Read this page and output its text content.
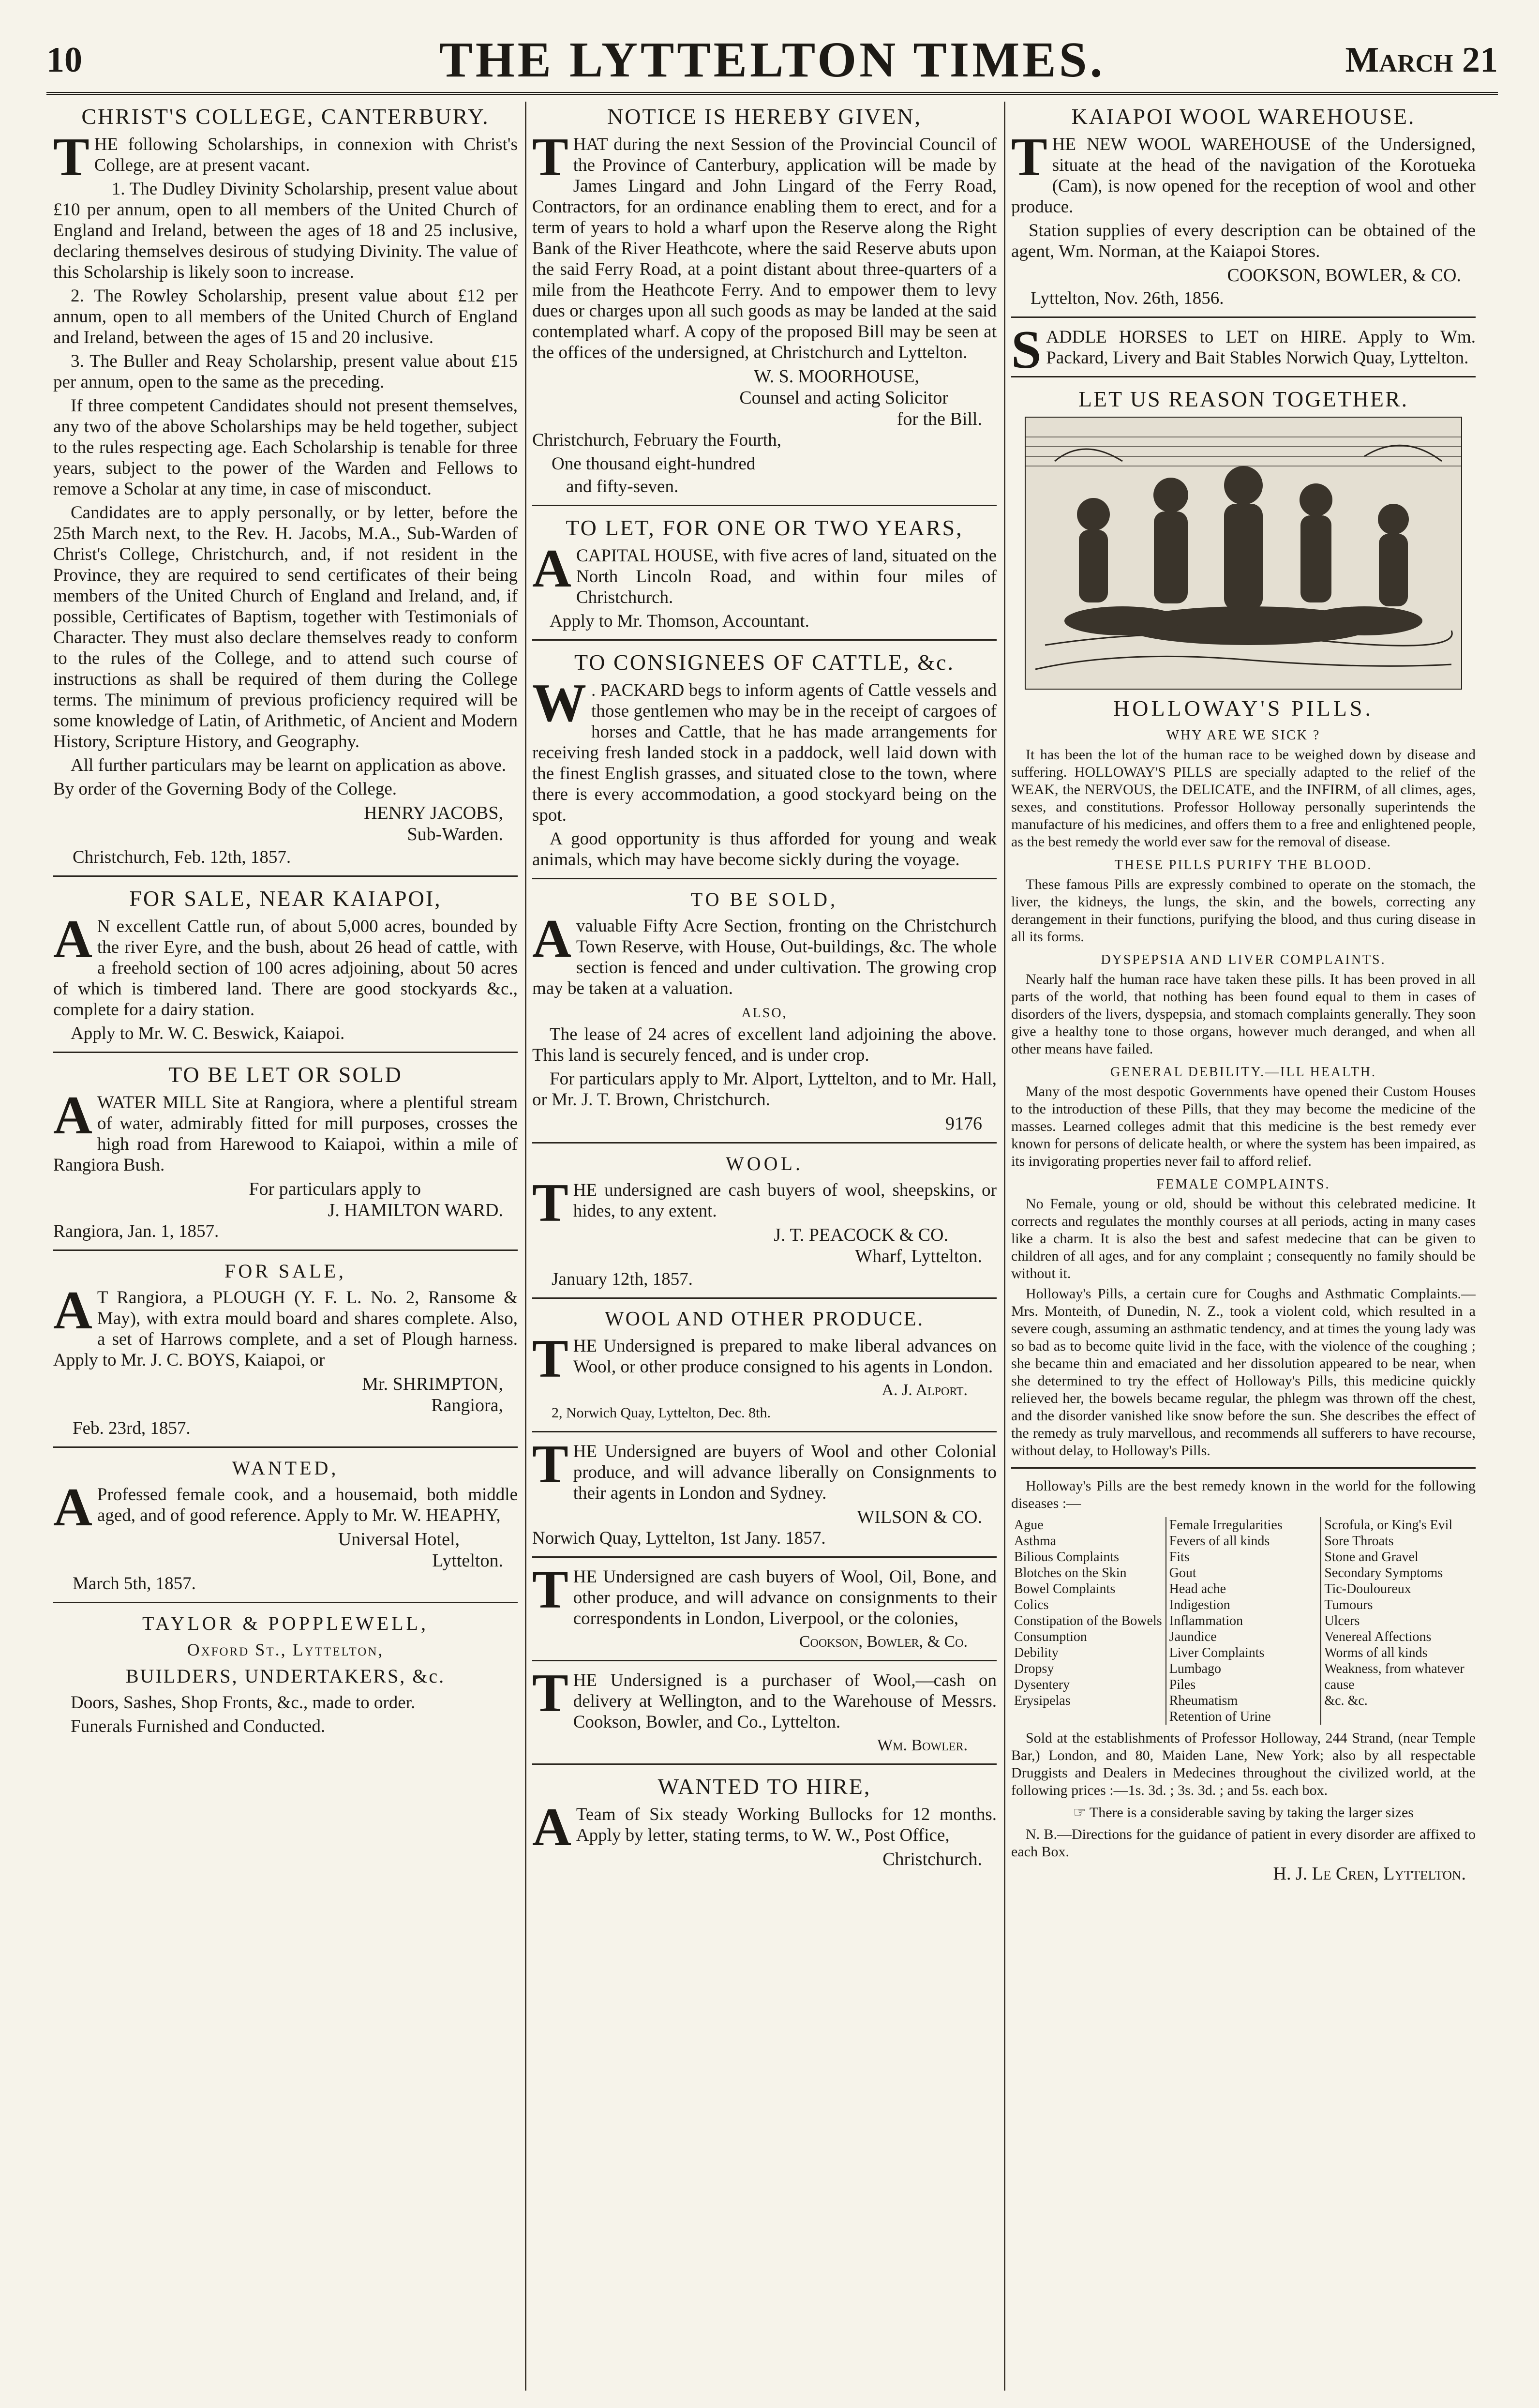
10	THE LYTTELTON TIMES.	March 21
CHRIST'S COLLEGE, CANTERBURY.
THE following Scholarships, in connexion with Christ's College, are at present vacant.
1. The Dudley Divinity Scholarship, present value about £10 per annum, open to all members of the United Church of England and Ireland, between the ages of 18 and 25 inclusive, declaring themselves desirous of studying Divinity. The value of this Scholarship is likely soon to increase.
2. The Rowley Scholarship, present value about £12 per annum, open to all members of the United Church of England and Ireland, between the ages of 15 and 20 inclusive.
3. The Buller and Reay Scholarship, present value about £15 per annum, open to the same as the preceding.
If three competent Candidates should not present themselves, any two of the above Scholarships may be held together, subject to the rules respecting age. Each Scholarship is tenable for three years, subject to the power of the Warden and Fellows to remove a Scholar at any time, in case of misconduct.
Candidates are to apply personally, or by letter, before the 25th March next, to the Rev. H. Jacobs, M.A., Sub-Warden of Christ's College, Christchurch, and, if not resident in the Province, they are required to send certificates of their being members of the United Church of England and Ireland, and, if possible, Certificates of Baptism, together with Testimonials of Character. They must also declare themselves ready to conform to the rules of the College, and to attend such course of instructions as shall be required of them during the College terms. The minimum of previous proficiency required will be some knowledge of Latin, of Arithmetic, of Ancient and Modern History, Scripture History, and Geography.
All further particulars may be learnt on application as above.
By order of the Governing Body of the College.
HENRY JACOBS,
Sub-Warden.
Christchurch, Feb. 12th, 1857.
FOR SALE, NEAR KAIAPOI,
A N excellent Cattle run, of about 5,000 acres, bounded by the river Eyre, and the bush, about 26 head of cattle, with a freehold section of 100 acres adjoining, about 50 acres of which is timbered land. There are good stockyards &c., complete for a dairy station.
Apply to Mr. W. C. Beswick, Kaiapoi.
TO BE LET OR SOLD
AWATER MILL Site at Rangiora, where a plentiful stream of water, admirably fitted for mill purposes, crosses the high road from Harewood to Kaiapoi, within a mile of Rangiora Bush.
For particulars apply to
J. HAMILTON WARD.
Rangiora, Jan. 1, 1857.
FOR SALE,
A T Rangiora, a PLOUGH (Y. F. L. No. 2, Ransome & May), with extra mould board and shares complete. Also, a set of Harrows complete, and a set of Plough harness. Apply to Mr. J. C. BOYS, Kaiapoi, or
Mr. SHRIMPTON,
Rangiora,
Feb. 23rd, 1857.
WANTED,
A Professed female cook, and a housemaid, both middle aged, and of good reference. Apply to Mr. W. HEAPHY,
Universal Hotel,
Lyttelton.
March 5th, 1857.
TAYLOR & POPPLEWELL,
Oxford St., Lyttelton,
BUILDERS, UNDERTAKERS, &c.
Doors, Sashes, Shop Fronts, &c., made to order.
Funerals Furnished and Conducted.
NOTICE IS HEREBY GIVEN,
THAT during the next Session of the Provincial Council of the Province of Canterbury, application will be made by James Lingard and John Lingard of the Ferry Road, Contractors, for an ordinance enabling them to erect, and for a term of years to hold a wharf upon the Reserve along the Right Bank of the River Heathcote, where the said Reserve abuts upon the said Ferry Road, at a point distant about three-quarters of a mile from the Heathcote Ferry. And to empower them to levy dues or charges upon all such goods as may be landed at the said contemplated wharf. A copy of the proposed Bill may be seen at the offices of the undersigned, at Christchurch and Lyttelton.
W. S. MOORHOUSE,
Counsel and acting Solicitor
for the Bill.
Christchurch, February the Fourth,
One thousand eight-hundred
and fifty-seven.
TO LET, FOR ONE OR TWO YEARS,
ACAPITAL HOUSE, with five acres of land, situated on the North Lincoln Road, and within four miles of Christchurch.
Apply to Mr. Thomson, Accountant.
TO CONSIGNEES OF CATTLE, &c.
W . PACKARD begs to inform agents of Cattle vessels and those gentlemen who may be in the receipt of cargoes of horses and Cattle, that he has made arrangements for receiving fresh landed stock in a paddock, well laid down with the finest English grasses, and situated close to the town, where there is every accommodation, a good stockyard being on the spot.
A good opportunity is thus afforded for young and weak animals, which may have become sickly during the voyage.
TO BE SOLD,
Avaluable Fifty Acre Section, fronting on the Christchurch Town Reserve, with House, Out-buildings, &c. The whole section is fenced and under cultivation. The growing crop may be taken at a valuation.
ALSO,
The lease of 24 acres of excellent land adjoining the above. This land is securely fenced, and is under crop.
For particulars apply to Mr. Alport, Lyttelton, and to Mr. Hall, or Mr. J. T. Brown, Christchurch.
9176
WOOL.
THE undersigned are cash buyers of wool, sheepskins, or hides, to any extent.
J. T. PEACOCK & CO.
Wharf, Lyttelton.
January 12th, 1857.
WOOL AND OTHER PRODUCE.
THE Undersigned is prepared to make liberal advances on Wool, or other produce consigned to his agents in London.
A. J. Alport.
2, Norwich Quay, Lyttelton, Dec. 8th.
THE Undersigned are buyers of Wool and other Colonial produce, and will advance liberally on Consignments to their agents in London and Sydney.
WILSON & CO.
Norwich Quay, Lyttelton, 1st Jany. 1857.
THE Undersigned are cash buyers of Wool, Oil, Bone, and other produce, and will advance on consignments to their correspondents in London, Liverpool, or the colonies,
Cookson, Bowler, & Co.
THE Undersigned is a purchaser of Wool,—cash on delivery at Wellington, and to the Warehouse of Messrs. Cookson, Bowler, and Co., Lyttelton.
Wm. Bowler.
WANTED TO HIRE,
A Team of Six steady Working Bullocks for 12 months. Apply by letter, stating terms, to W. W., Post Office,
Christchurch.
KAIAPOI WOOL WAREHOUSE.
THE NEW WOOL WAREHOUSE of the Undersigned, situate at the head of the navigation of the Korotueka (Cam), is now opened for the reception of wool and other produce.
Station supplies of every description can be obtained of the agent, Wm. Norman, at the Kaiapoi Stores.
COOKSON, BOWLER, & CO.
Lyttelton, Nov. 26th, 1856.
SADDLE HORSES to LET on HIRE. Apply to Wm. Packard, Livery and Bait Stables Norwich Quay, Lyttelton.
LET US REASON TOGETHER.
HOLLOWAY'S PILLS.
WHY ARE WE SICK ?
It has been the lot of the human race to be weighed down by disease and suffering. HOLLOWAY'S PILLS are specially adapted to the relief of the WEAK, the NERVOUS, the DELICATE, and the INFIRM, of all climes, ages, sexes, and constitutions. Professor Holloway personally superintends the manufacture of his medicines, and offers them to a free and enlightened people, as the best remedy the world ever saw for the removal of disease.
THESE PILLS PURIFY THE BLOOD.
These famous Pills are expressly combined to operate on the stomach, the liver, the kidneys, the lungs, the skin, and the bowels, correcting any derangement in their functions, purifying the blood, and thus curing disease in all its forms.
DYSPEPSIA AND LIVER COMPLAINTS.
Nearly half the human race have taken these pills. It has been proved in all parts of the world, that nothing has been found equal to them in cases of disorders of the livers, dyspepsia, and stomach complaints generally. They soon give a healthy tone to those organs, however much deranged, and when all other means have failed.
GENERAL DEBILITY.—ILL HEALTH.
Many of the most despotic Governments have opened their Custom Houses to the introduction of these Pills, that they may become the medicine of the masses. Learned colleges admit that this medicine is the best remedy ever known for persons of delicate health, or where the system has been impaired, as its invigorating properties never fail to afford relief.
FEMALE COMPLAINTS.
No Female, young or old, should be without this celebrated medicine. It corrects and regulates the monthly courses at all periods, acting in many cases like a charm. It is also the best and safest medecine that can be given to children of all ages, and for any complaint ; consequently no family should be without it.
Holloway's Pills, a certain cure for Coughs and Asthmatic Complaints.—Mrs. Monteith, of Dunedin, N. Z., took a violent cold, which resulted in a severe cough, assuming an asthmatic tendency, and at times the young lady was so bad as to become quite livid in the face, with the violence of the coughing ; she became thin and emaciated and her dissolution appeared to be near, when she determined to try the effect of Holloway's Pills, this medicine quickly relieved her, the bowels became regular, the phlegm was thrown off the chest, and the disorder vanished like snow before the sun. She describes the effect of the remedy as truly marvellous, and recommends all sufferers to have recourse, without delay, to Holloway's Pills.
Holloway's Pills are the best remedy known in the world for the following diseases :—
Ague
Asthma
Bilious Complaints
Blotches on the Skin
Bowel Complaints
Colics
Constipation of the Bowels
Consumption
Debility
Dropsy
Dysentery
Erysipelas
Female Irregularities
Fevers of all kinds
Fits
Gout
Head ache
Indigestion
Inflammation
Jaundice
Liver Complaints
Lumbago
Piles
Rheumatism
Retention of Urine
Scrofula, or King's Evil
Sore Throats
Stone and Gravel
Secondary Symptoms
Tic-Douloureux
Tumours
Ulcers
Venereal Affections
Worms of all kinds
Weakness, from whatever cause
&c. &c.
Sold at the establishments of Professor Holloway, 244 Strand, (near Temple Bar,) London, and 80, Maiden Lane, New York; also by all respectable Druggists and Dealers in Medecines throughout the civilized world, at the following prices :—1s. 3d. ; 3s. 3d. ; and 5s. each box.
☞ There is a considerable saving by taking the larger sizes
N. B.—Directions for the guidance of patient in every disorder are affixed to each Box.
H. J. Le Cren, Lyttelton.
